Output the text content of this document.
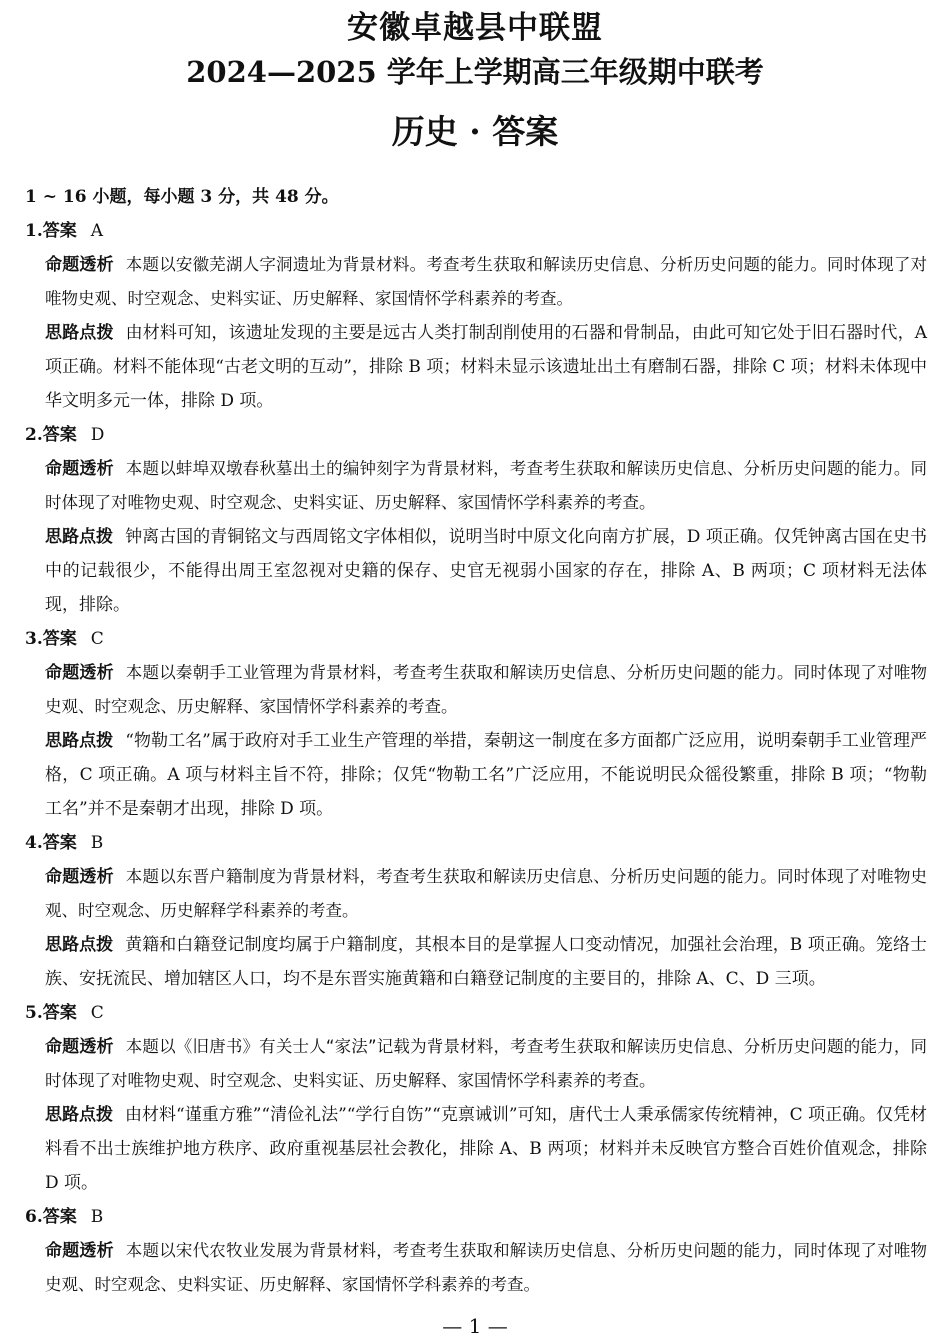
安徽卓越县中联盟
2024—2025 学年上学期高三年级期中联考
历史 · 答案
1 ~ 16 小题，每小题 3 分，共 48 分。
1.答案 A
命题透析 本题以安徽芜湖人字洞遗址为背景材料。考查考生获取和解读历史信息、分析历史问题的能力。同时体现了对唯物史观、时空观念、史料实证、历史解释、家国情怀学科素养的考查。
思路点拨 由材料可知，该遗址发现的主要是远古人类打制刮削使用的石器和骨制品，由此可知它处于旧石器时代，A 项正确。材料不能体现“古老文明的互动”，排除 B 项；材料未显示该遗址出土有磨制石器，排除 C 项；材料未体现中华文明多元一体，排除 D 项。
2.答案 D
命题透析 本题以蚌埠双墩春秋墓出土的编钟刻字为背景材料，考查考生获取和解读历史信息、分析历史问题的能力。同时体现了对唯物史观、时空观念、史料实证、历史解释、家国情怀学科素养的考查。
思路点拨 钟离古国的青铜铭文与西周铭文字体相似，说明当时中原文化向南方扩展，D 项正确。仅凭钟离古国在史书中的记载很少，不能得出周王室忽视对史籍的保存、史官无视弱小国家的存在，排除 A、B 两项；C 项材料无法体现，排除。
3.答案 C
命题透析 本题以秦朝手工业管理为背景材料，考查考生获取和解读历史信息、分析历史问题的能力。同时体现了对唯物史观、时空观念、历史解释、家国情怀学科素养的考查。
思路点拨 “物勒工名”属于政府对手工业生产管理的举措，秦朝这一制度在多方面都广泛应用，说明秦朝手工业管理严格，C 项正确。A 项与材料主旨不符，排除；仅凭“物勒工名”广泛应用，不能说明民众徭役繁重，排除 B 项；“物勒工名”并不是秦朝才出现，排除 D 项。
4.答案 B
命题透析 本题以东晋户籍制度为背景材料，考查考生获取和解读历史信息、分析历史问题的能力。同时体现了对唯物史观、时空观念、历史解释学科素养的考查。
思路点拨 黄籍和白籍登记制度均属于户籍制度，其根本目的是掌握人口变动情况，加强社会治理，B 项正确。笼络士族、安抚流民、增加辖区人口，均不是东晋实施黄籍和白籍登记制度的主要目的，排除 A、C、D 三项。
5.答案 C
命题透析 本题以《旧唐书》有关士人“家法”记载为背景材料，考查考生获取和解读历史信息、分析历史问题的能力，同时体现了对唯物史观、时空观念、史料实证、历史解释、家国情怀学科素养的考查。
思路点拨 由材料“谨重方雅”“清俭礼法”“学行自饬”“克禀诫训”可知，唐代士人秉承儒家传统精神，C 项正确。仅凭材料看不出士族维护地方秩序、政府重视基层社会教化，排除 A、B 两项；材料并未反映官方整合百姓价值观念，排除 D 项。
6.答案 B
命题透析 本题以宋代农牧业发展为背景材料，考查考生获取和解读历史信息、分析历史问题的能力，同时体现了对唯物史观、时空观念、史料实证、历史解释、家国情怀学科素养的考查。
— 1 —
